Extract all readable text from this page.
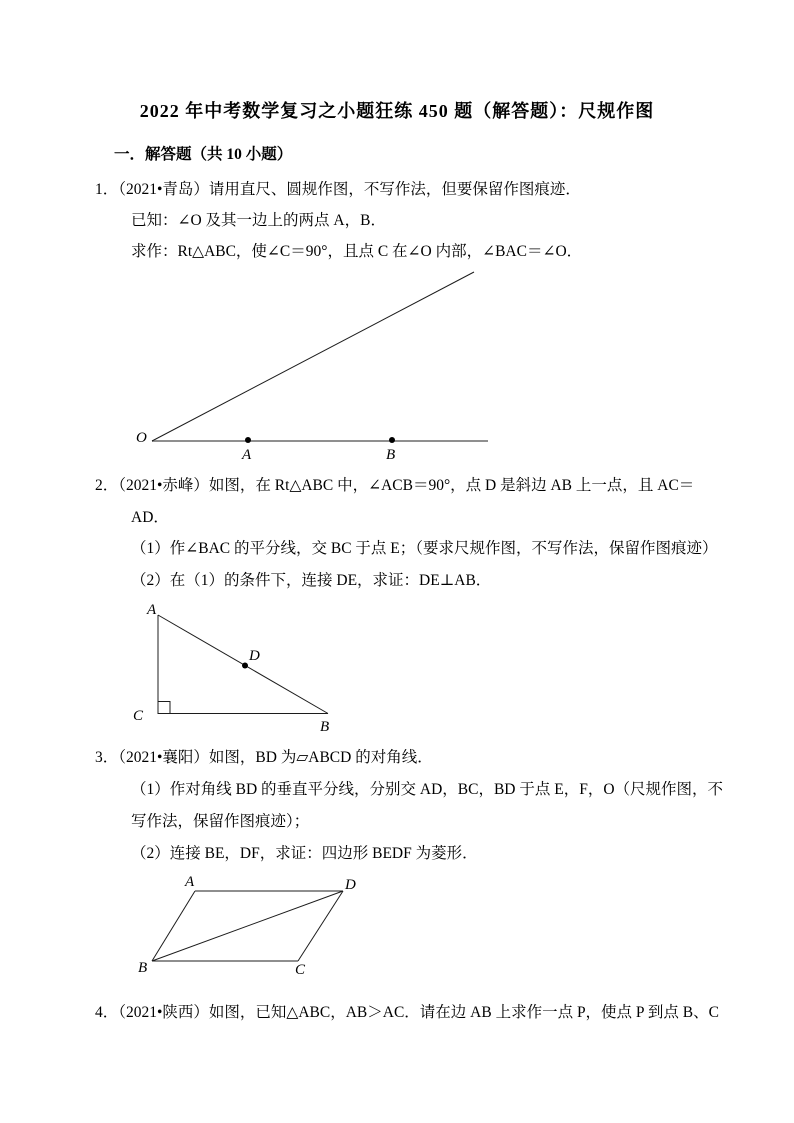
2022 年中考数学复习之小题狂练 450 题（解答题）：尺规作图
一．解答题（共 10 小题）
1．（2021•青岛）请用直尺、圆规作图，不写作法，但要保留作图痕迹．
已知：∠O 及其一边上的两点 A，B．
求作：Rt△ABC，使∠C＝90°，且点 C 在∠O 内部，∠BAC＝∠O．
O
A	B
2．（2021•赤峰）如图，在 Rt△ABC 中，∠ACB＝90°，点 D 是斜边 AB 上一点，且 AC＝
AD．
（1）作∠BAC 的平分线，交 BC 于点 E；（要求尺规作图，不写作法，保留作图痕迹）
（2）在（1）的条件下，连接 DE，求证：DE⊥AB．
A
C
B
D
3．（2021•襄阳）如图，BD 为▱ABCD 的对角线．
（1）作对角线 BD 的垂直平分线，分别交 AD，BC，BD 于点 E，F，O（尺规作图，不
写作法，保留作图痕迹）；
（2）连接 BE，DF，求证：四边形 BEDF 为菱形．
A	D
B	C
4．（2021•陕西）如图，已知△ABC，AB＞AC．请在边 AB 上求作一点 P，使点 P 到点 B、C
